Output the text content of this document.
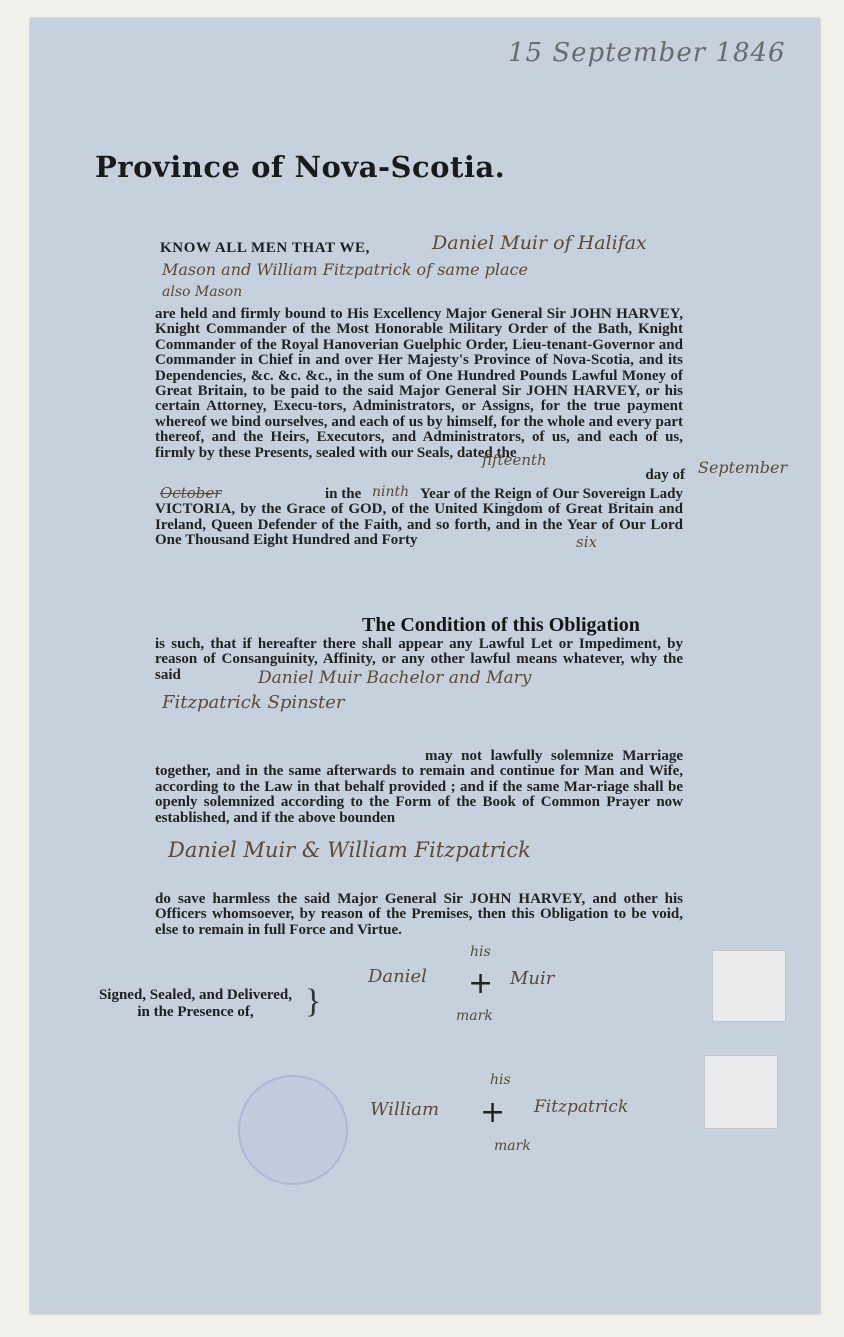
15 September 1846
Province of Nova-Scotia.
KNOW ALL MEN THAT WE,	Daniel Muir of Halifax
Mason and William Fitzpatrick of same place
also Mason
are held and firmly bound to His Excellency Major General Sir JOHN HARVEY, Knight Commander of the Most Honorable Military Order of the Bath, Knight Commander of the Royal Hanoverian Guelphic Order, Lieu-tenant-Governor and Commander in Chief in and over Her Majesty's Province of Nova-Scotia, and its Dependencies, &c. &c. &c., in the sum of One Hundred Pounds Lawful Money of Great Britain, to be paid to the said Major General Sir JOHN HARVEY, or his certain Attorney, Execu-tors, Administrators, or Assigns, for the true payment whereof we bind ourselves, and each of us by himself, for the whole and every part thereof, and the Heirs, Executors, and Administrators, of us, and each of us, firmly by these Presents, sealed with our Seals, dated the
fifteenth
day of September
October	in the ninth Year of the Reign of Our Sovereign Lady
VICTORIA, by the Grace of GOD, of the United Kingdom of Great Britain and Ireland, Queen Defender of the Faith, and so forth, and in the Year of Our Lord One Thousand Eight Hundred and Forty	six
The Condition of this Obligation
is such, that if hereafter there shall appear any Lawful Let or Impediment, by reason of Consanguinity, Affinity, or any other lawful means whatever, why the said	Daniel Muir Bachelor and Mary
Fitzpatrick Spinster
may not lawfully solemnize Marriage together, and in the same afterwards to remain and continue for Man and Wife, according to the Law in that behalf provided ; and if the same Mar-riage shall be openly solemnized according to the Form of the Book of Common Prayer now established, and if the above bounden
Daniel Muir & William Fitzpatrick
do save harmless the said Major General Sir JOHN HARVEY, and other his Officers whomsoever, by reason of the Premises, then this Obligation to be void, else to remain in full Force and Virtue.
Signed, Sealed, and Delivered,
in the Presence of,	}
his
Daniel + Muir
mark
his
William + Fitzpatrick
mark
